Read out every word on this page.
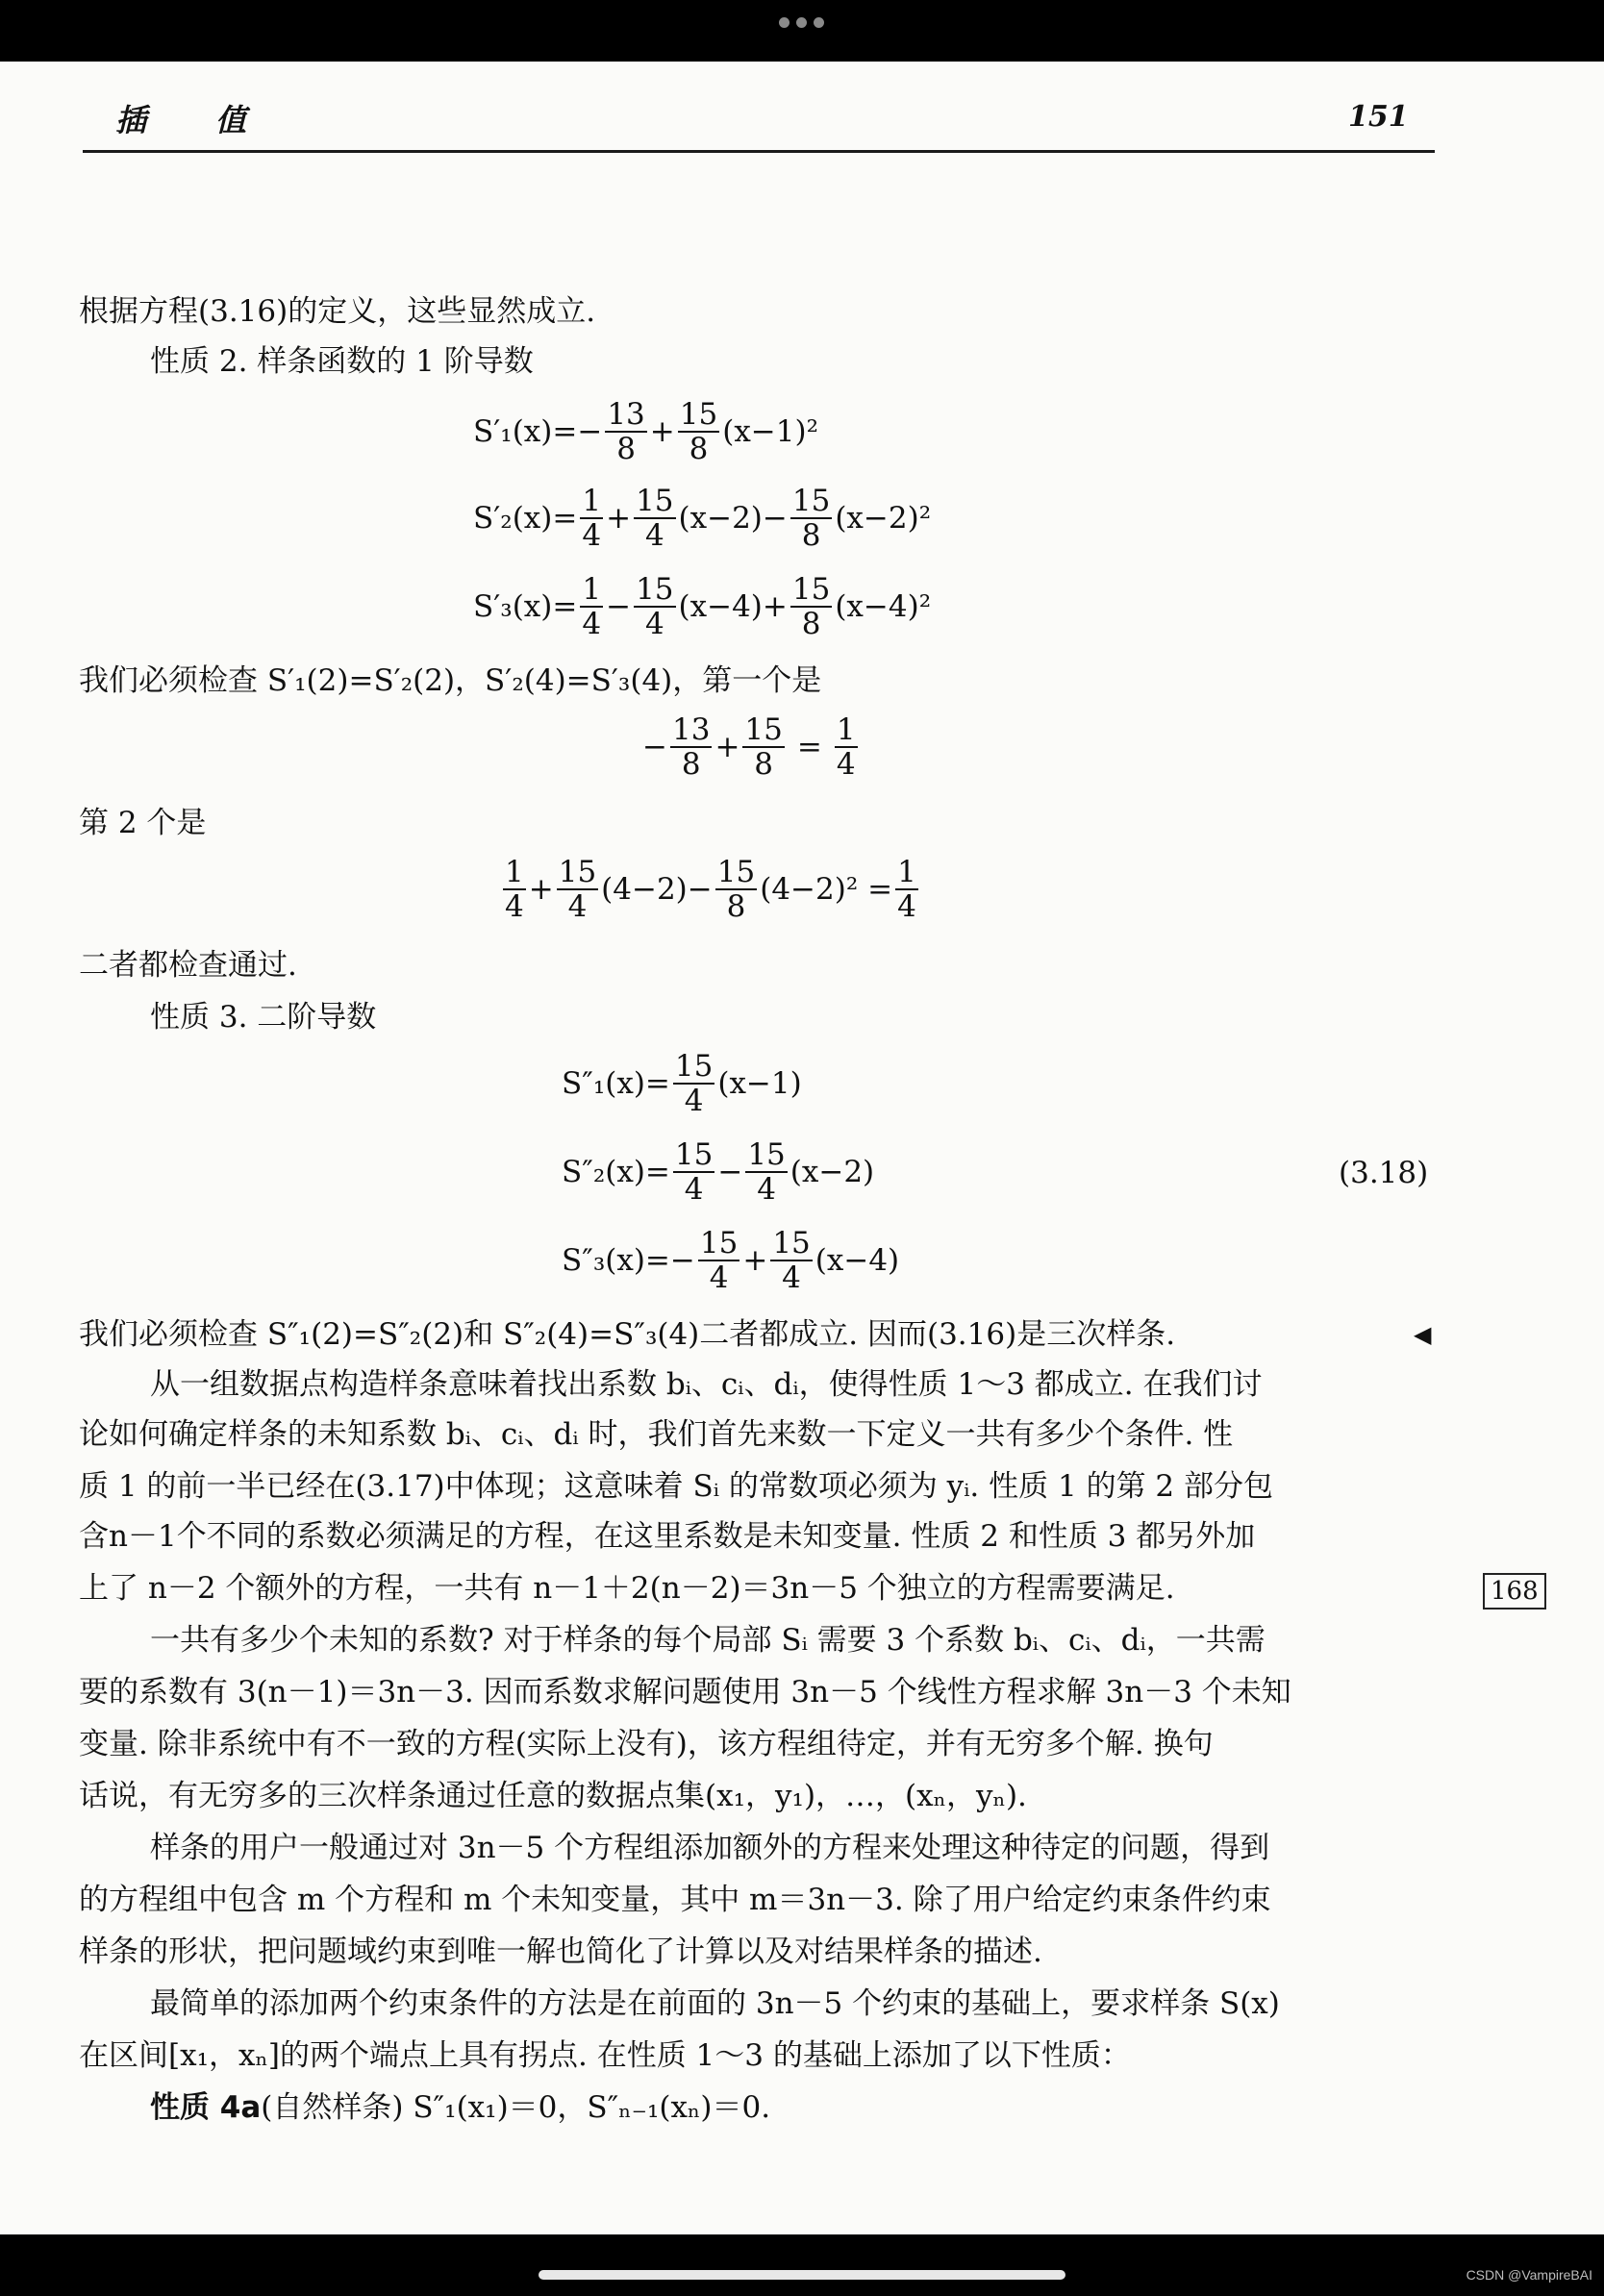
插 值	151
根据方程(3.16)的定义，这些显然成立.
性质 2. 样条函数的 1 阶导数
$S'_1(x)=- \frac{13}{8} + \frac{15}{8} (x-1)^2$
$S'_2(x)= \frac{1}{4} + \frac{15}{4} (x-2)- \frac{15}{8} (x-2)^2$
$S'_3(x)= \frac{1}{4} - \frac{15}{4} (x-4)+ \frac{15}{8} (x-4)^2$
我们必须检查 S′₁(2)=S′₂(2)，S′₂(4)=S′₃(4)，第一个是
− $\frac{13}{8} + \frac{15}{8} = \frac{1}{4}$
第 2 个是
1
$4 + \frac{15}{4} (4-2)- \frac{15}{8} (4-2)^2 = \frac{1}{4}$
二者都检查通过.
性质 3. 二阶导数
$S''_1(x)= \frac{15}{4} (x-1)$
$S''_2(x)= \frac{15}{4} - \frac{15}{4} (x-2)$	(3.18)
$S''_3(x)=- \frac{15}{4} + \frac{15}{4} (x-4)$
我们必须检查 S″₁(2)=S″₂(2)和 S″₂(4)=S″₃(4)二者都成立. 因而(3.16)是三次样条.	◀
从一组数据点构造样条意味着找出系数 bᵢ、cᵢ、dᵢ，使得性质 1～3 都成立. 在我们讨
论如何确定样条的未知系数 bᵢ、cᵢ、dᵢ 时，我们首先来数一下定义一共有多少个条件. 性
质 1 的前一半已经在(3.17)中体现；这意味着 Sᵢ 的常数项必须为 yᵢ. 性质 1 的第 2 部分包
含n－1个不同的系数必须满足的方程，在这里系数是未知变量. 性质 2 和性质 3 都另外加
上了 n－2 个额外的方程，一共有 n－1＋2(n－2)＝3n－5 个独立的方程需要满足.	168
一共有多少个未知的系数? 对于样条的每个局部 Sᵢ 需要 3 个系数 bᵢ、cᵢ、dᵢ，一共需
要的系数有 3(n－1)＝3n－3. 因而系数求解问题使用 3n－5 个线性方程求解 3n－3 个未知
变量. 除非系统中有不一致的方程(实际上没有)，该方程组待定，并有无穷多个解. 换句
话说，有无穷多的三次样条通过任意的数据点集(x₁，y₁)，…，(xₙ，yₙ).
样条的用户一般通过对 3n－5 个方程组添加额外的方程来处理这种待定的问题，得到
的方程组中包含 m 个方程和 m 个未知变量，其中 m＝3n－3. 除了用户给定约束条件约束
样条的形状，把问题域约束到唯一解也简化了计算以及对结果样条的描述.
最简单的添加两个约束条件的方法是在前面的 3n－5 个约束的基础上，要求样条 S(x)
在区间[x₁，xₙ]的两个端点上具有拐点. 在性质 1～3 的基础上添加了以下性质：
性质 4a(自然样条) S″₁(x₁)＝0，S″ₙ₋₁(xₙ)＝0.
CSDN @VampireBAI
